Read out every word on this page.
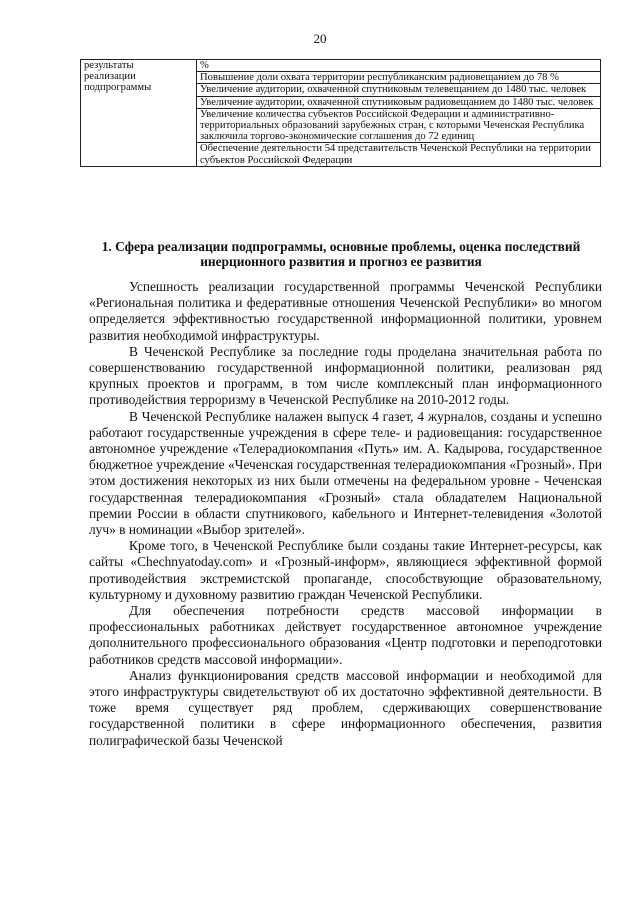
20
результаты
реализации
подпрограммы	%
Повышение доли охвата территории республиканским радиовещанием до 78 %
Увеличение аудитории, охваченной спутниковым телевещанием до 1480 тыс. человек
Увеличение аудитории, охваченной спутниковым радиовещанием до 1480 тыс. человек
Увеличение количества субъектов Российской Федерации и административно-территориальных образований зарубежных стран, с которыми Чеченская Республика заключила торгово-экономические соглашения до 72 единиц
Обеспечение деятельности 54 представительств Чеченской Республики на территории субъектов Российской Федерации
1. Сфера реализации подпрограммы, основные проблемы, оценка последствий инерционного развития и прогноз ее развития

Успешность реализации государственной программы Чеченской Республики «Региональная политика и федеративные отношения Чеченской Республики» во многом определяется эффективностью государственной информационной политики, уровнем развития необходимой инфраструктуры.

В Чеченской Республике за последние годы проделана значительная работа по совершенствованию государственной информационной политики, реализован ряд крупных проектов и программ, в том числе комплексный план информационного противодействия терроризму в Чеченской Республике на 2010-2012 годы.

В Чеченской Республике налажен выпуск 4 газет, 4 журналов, созданы и успешно работают государственные учреждения в сфере теле- и радиовещания: государственное автономное учреждение «Телерадиокомпания «Путь» им. А. Кадырова, государственное бюджетное учреждение «Чеченская государственная телерадиокомпания «Грозный». При этом достижения некоторых из них были отмечены на федеральном уровне - Чеченская государственная телерадиокомпания «Грозный» стала обладателем Национальной премии России в области спутникового, кабельного и Интернет-телевидения «Золотой луч» в номинации «Выбор зрителей».

Кроме того, в Чеченской Республике были созданы такие Интернет-ресурсы, как сайты «Chechnyatoday.com» и «Грозный-информ», являющиеся эффективной формой противодействия экстремистской пропаганде, способствующие образовательному, культурному и духовному развитию граждан Чеченской Республики.

Для обеспечения потребности средств массовой информации в профессиональных работниках действует государственное автономное учреждение дополнительного профессионального образования «Центр подготовки и переподготовки работников средств массовой информации».

Анализ функционирования средств массовой информации и необходимой для этого инфраструктуры свидетельствуют об их достаточно эффективной деятельности. В тоже время существует ряд проблем, сдерживающих совершенствование государственной политики в сфере информационного обеспечения, развития полиграфической базы Чеченской
